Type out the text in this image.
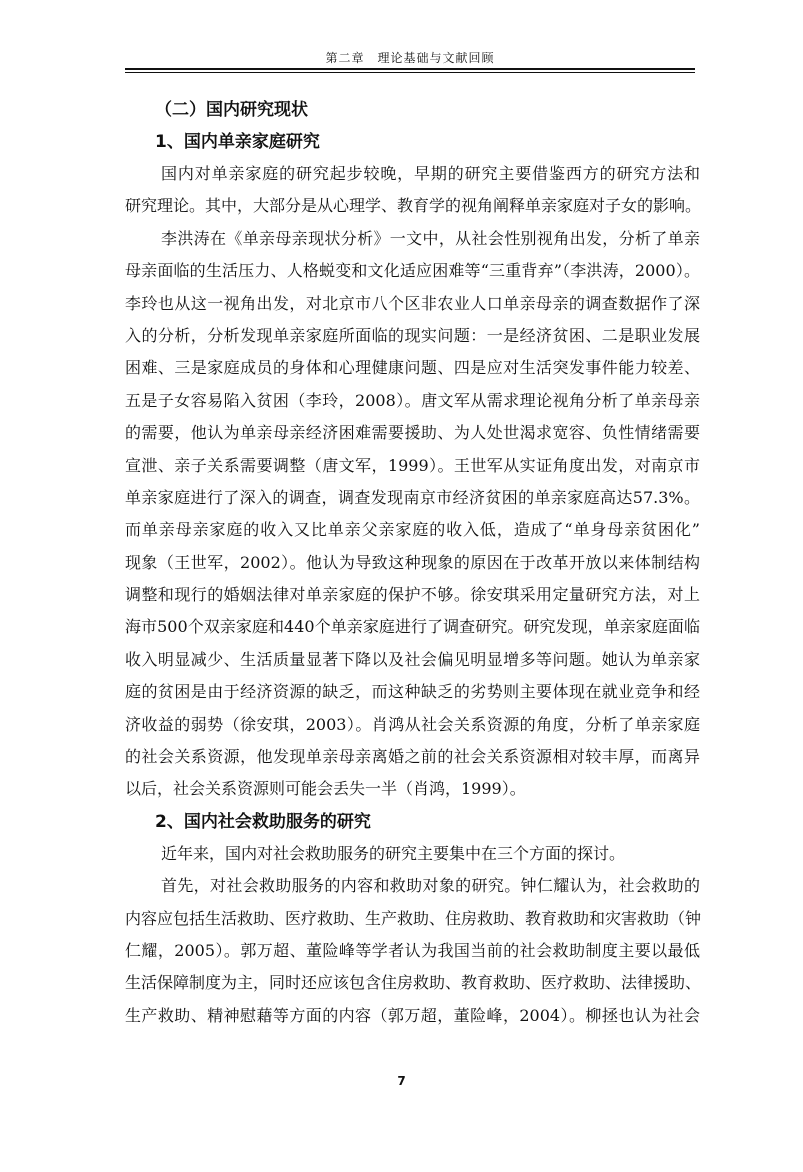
第二章　理论基础与文献回顾
（二）国内研究现状
1、国内单亲家庭研究
国内对单亲家庭的研究起步较晚，早期的研究主要借鉴西方的研究方法和
研究理论。其中，大部分是从心理学、教育学的视角阐释单亲家庭对子女的影响。
李洪涛在《单亲母亲现状分析》一文中，从社会性别视角出发，分析了单亲
母亲面临的生活压力、人格蜕变和文化适应困难等“三重背弃”（李洪涛，2000）。
李玲也从这一视角出发，对北京市八个区非农业人口单亲母亲的调查数据作了深
入的分析，分析发现单亲家庭所面临的现实问题：一是经济贫困、二是职业发展
困难、三是家庭成员的身体和心理健康问题、四是应对生活突发事件能力较差、
五是子女容易陷入贫困（李玲，2008）。唐文军从需求理论视角分析了单亲母亲
的需要，他认为单亲母亲经济困难需要援助、为人处世渴求宽容、负性情绪需要
宣泄、亲子关系需要调整（唐文军，1999）。王世军从实证角度出发，对南京市
单亲家庭进行了深入的调查，调查发现南京市经济贫困的单亲家庭高达57.3%。
而单亲母亲家庭的收入又比单亲父亲家庭的收入低，造成了“单身母亲贫困化”
现象（王世军，2002）。他认为导致这种现象的原因在于改革开放以来体制结构
调整和现行的婚姻法律对单亲家庭的保护不够。徐安琪采用定量研究方法，对上
海市500个双亲家庭和440个单亲家庭进行了调查研究。研究发现，单亲家庭面临
收入明显减少、生活质量显著下降以及社会偏见明显增多等问题。她认为单亲家
庭的贫困是由于经济资源的缺乏，而这种缺乏的劣势则主要体现在就业竞争和经
济收益的弱势（徐安琪，2003）。肖鸿从社会关系资源的角度，分析了单亲家庭
的社会关系资源，他发现单亲母亲离婚之前的社会关系资源相对较丰厚，而离异
以后，社会关系资源则可能会丢失一半（肖鸿，1999）。
2、国内社会救助服务的研究
近年来，国内对社会救助服务的研究主要集中在三个方面的探讨。
首先，对社会救助服务的内容和救助对象的研究。钟仁耀认为，社会救助的
内容应包括生活救助、医疗救助、生产救助、住房救助、教育救助和灾害救助（钟
仁耀，2005）。郭万超、董险峰等学者认为我国当前的社会救助制度主要以最低
生活保障制度为主，同时还应该包含住房救助、教育救助、医疗救助、法律援助、
生产救助、精神慰藉等方面的内容（郭万超，董险峰，2004）。柳拯也认为社会
7
